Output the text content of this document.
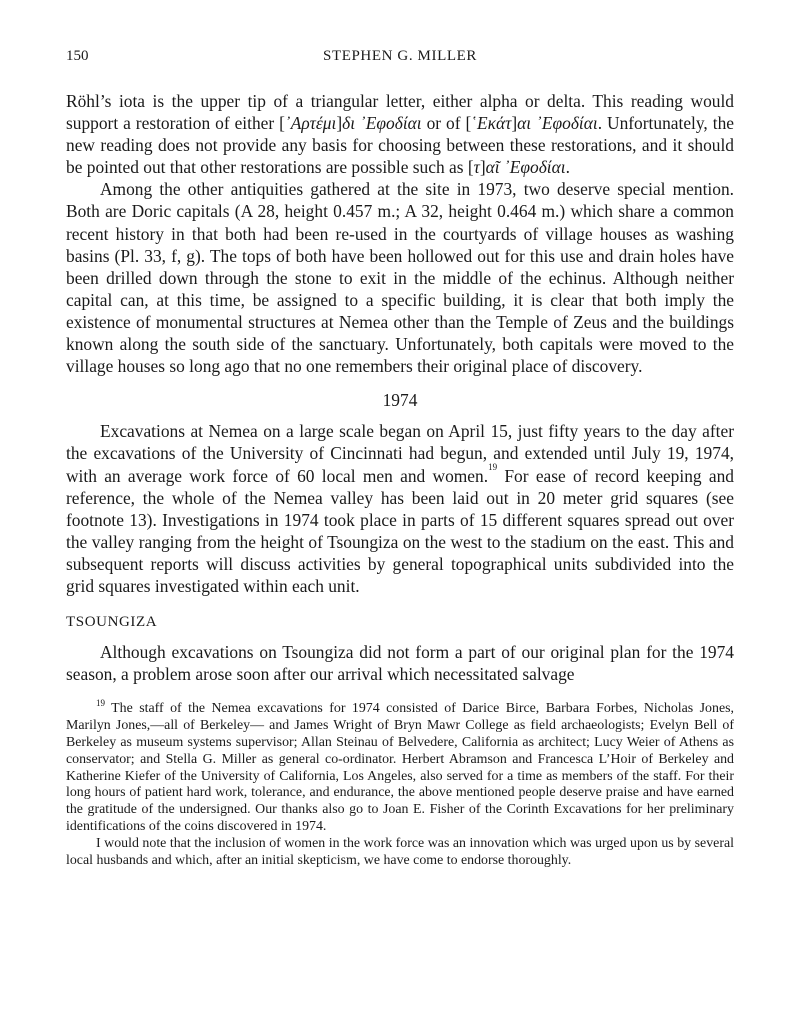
150	STEPHEN G. MILLER

Röhl’s iota is the upper tip of a triangular letter, either alpha or delta. This reading would support a restoration of either [᾿Αρτέμι]δι ᾿Εφοδίαι or of [῾Εκάτ]αι ᾿Εφοδίαι. Unfortunately, the new reading does not provide any basis for choosing between these restorations, and it should be pointed out that other restorations are possible such as [τ]αῖ ᾿Εφοδίαι.

Among the other antiquities gathered at the site in 1973, two deserve special mention. Both are Doric capitals (A 28, height 0.457 m.; A 32, height 0.464 m.) which share a common recent history in that both had been re-used in the courtyards of village houses as washing basins (Pl. 33, f, g). The tops of both have been hollowed out for this use and drain holes have been drilled down through the stone to exit in the middle of the echinus. Although neither capital can, at this time, be assigned to a specific building, it is clear that both imply the existence of monumental structures at Nemea other than the Temple of Zeus and the buildings known along the south side of the sanctuary. Unfortunately, both capitals were moved to the village houses so long ago that no one remembers their original place of discovery.

1974

Excavations at Nemea on a large scale began on April 15, just fifty years to the day after the excavations of the University of Cincinnati had begun, and extended until July 19, 1974, with an average work force of 60 local men and women.$^{19}$ For ease of record keeping and reference, the whole of the Nemea valley has been laid out in 20 meter grid squares (see footnote 13). Investigations in 1974 took place in parts of 15 different squares spread out over the valley ranging from the height of Tsoungiza on the west to the stadium on the east. This and subsequent reports will discuss activities by general topographical units subdivided into the grid squares investigated within each unit.

TSOUNGIZA

Although excavations on Tsoungiza did not form a part of our original plan for the 1974 season, a problem arose soon after our arrival which necessitated salvage

$^{19}$ The staff of the Nemea excavations for 1974 consisted of Darice Birce, Barbara Forbes, Nicholas Jones, Marilyn Jones,—all of Berkeley— and James Wright of Bryn Mawr College as field archaeologists; Evelyn Bell of Berkeley as museum systems supervisor; Allan Steinau of Belvedere, California as architect; Lucy Weier of Athens as conservator; and Stella G. Miller as general co-ordinator. Herbert Abramson and Francesca L’Hoir of Berkeley and Katherine Kiefer of the University of California, Los Angeles, also served for a time as members of the staff. For their long hours of patient hard work, tolerance, and endurance, the above mentioned people deserve praise and have earned the gratitude of the undersigned. Our thanks also go to Joan E. Fisher of the Corinth Excavations for her preliminary identifications of the coins discovered in 1974.

I would note that the inclusion of women in the work force was an innovation which was urged upon us by several local husbands and which, after an initial skepticism, we have come to endorse thoroughly.
